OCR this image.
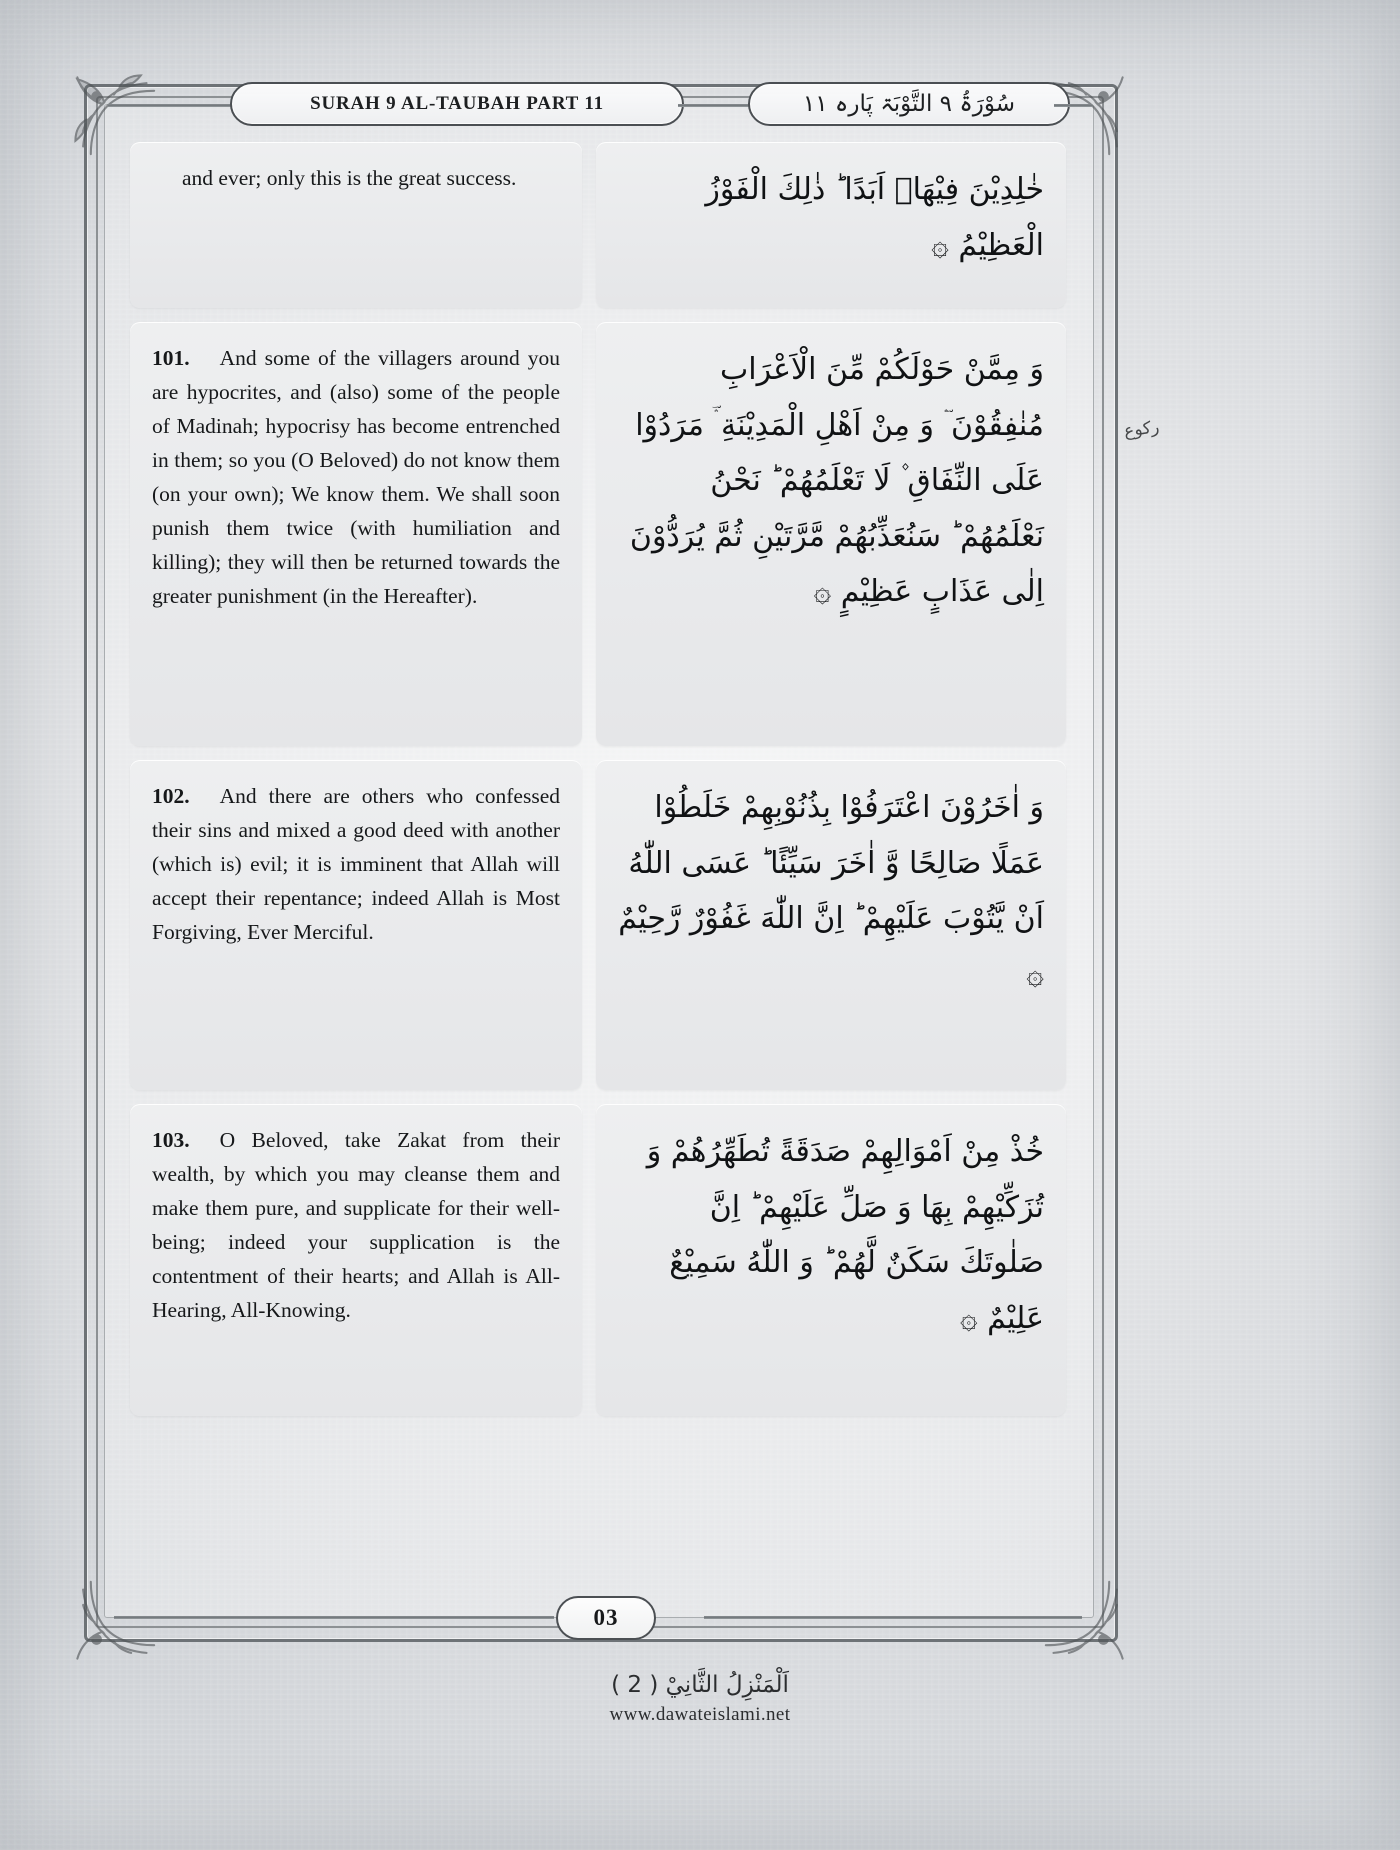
SURAH 9 AL-TAUBAH PART 11	سُوْرَۃُ ٩ التَّوْبَۃ پَارہ ١١
and ever; only this is the great success.	خٰلِدِيْنَ فِيْهَاۤ اَبَدًا ؕ ذٰلِكَ الْفَوْزُ الْعَظِيْمُ ۞
101. And some of the villagers around you are hypocrites, and (also) some of the people of Madinah; hypocrisy has become entrenched in them; so you (O Beloved) do not know them (on your own); We know them. We shall soon punish them twice (with humiliation and killing); they will then be returned towards the greater punishment (in the Hereafter).
وَ مِمَّنْ حَوْلَكُمْ مِّنَ الْاَعْرَابِ مُنٰفِقُوْنَ ؔۛ وَ مِنْ اَهْلِ الْمَدِيْنَةِ ۛؔ مَرَدُوْا عَلَى النِّفَاقِ ۫ لَا تَعْلَمُهُمْ ؕ نَحْنُ نَعْلَمُهُمْ ؕ سَنُعَذِّبُهُمْ مَّرَّتَيْنِ ثُمَّ يُرَدُّوْنَ اِلٰى عَذَابٍ عَظِيْمٍ ۞
102. And there are others who confessed their sins and mixed a good deed with another (which is) evil; it is imminent that Allah will accept their repentance; indeed Allah is Most Forgiving, Ever Merciful.
وَ اٰخَرُوْنَ اعْتَرَفُوْا بِذُنُوْبِهِمْ خَلَطُوْا عَمَلًا صَالِحًا وَّ اٰخَرَ سَيِّئًا ؕ عَسَى اللّٰهُ اَنْ يَّتُوْبَ عَلَيْهِمْ ؕ اِنَّ اللّٰهَ غَفُوْرٌ رَّحِيْمٌ ۞
103. O Beloved, take Zakat from their wealth, by which you may cleanse them and make them pure, and supplicate for their well-being; indeed your supplication is the contentment of their hearts; and Allah is All-Hearing, All-Knowing.
خُذْ مِنْ اَمْوَالِهِمْ صَدَقَةً تُطَهِّرُهُمْ وَ تُزَكِّيْهِمْ بِهَا وَ صَلِّ عَلَيْهِمْ ؕ اِنَّ صَلٰوتَكَ سَكَنٌ لَّهُمْ ؕ وَ اللّٰهُ سَمِيْعٌ عَلِيْمٌ ۞
رکوع
03
اَلْمَنْزِلُ الثَّانِيْ ( 2 )
www.dawateislami.net
